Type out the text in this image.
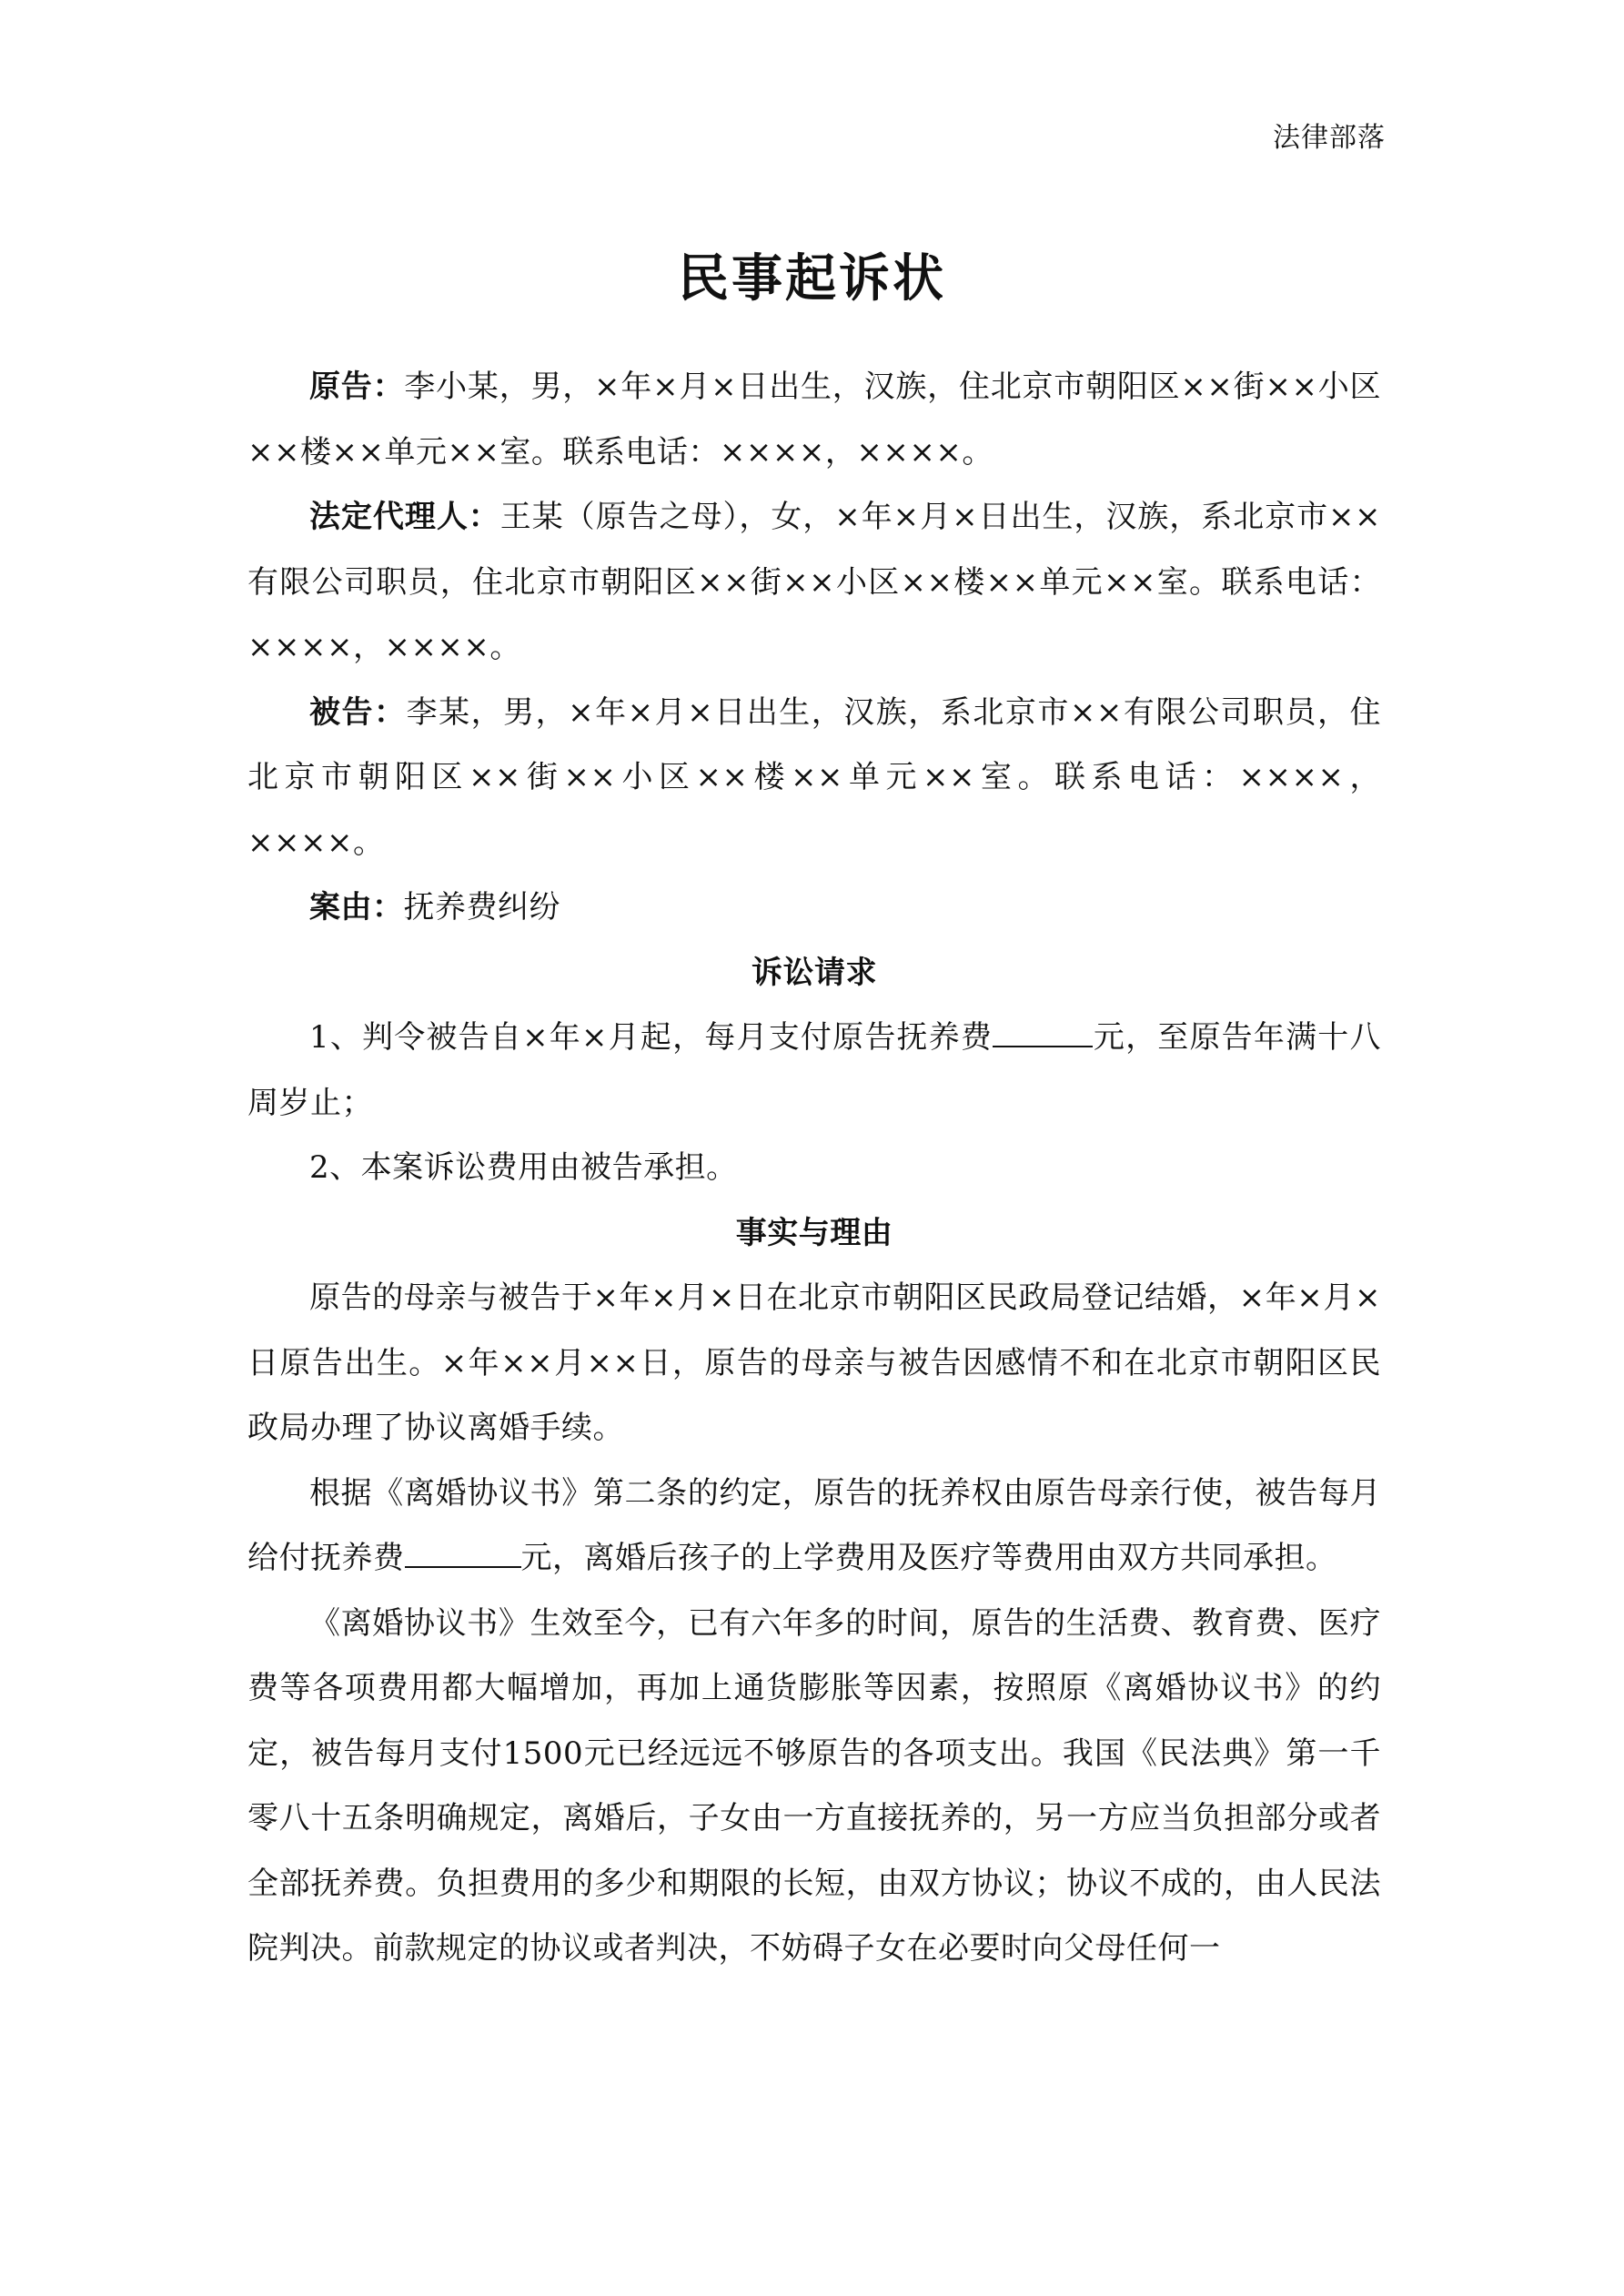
法律部落
民事起诉状

原告：李小某，男，×年×月×日出生，汉族，住北京市朝阳区××街××小区××楼××单元××室。联系电话：××××，××××。

法定代理人：王某（原告之母），女，×年×月×日出生，汉族，系北京市××有限公司职员，住北京市朝阳区××街××小区××楼××单元××室。联系电话：××××，××××。

被告：李某，男，×年×月×日出生，汉族，系北京市××有限公司职员，住北京市朝阳区××街××小区××楼××单元××室。联系电话：××××，××××。

案由：抚养费纠纷

诉讼请求

1、判令被告自×年×月起，每月支付原告抚养费	元，至原告年满十八周岁止；

2、本案诉讼费用由被告承担。

事实与理由

原告的母亲与被告于×年×月×日在北京市朝阳区民政局登记结婚，×年×月×日原告出生。×年××月××日，原告的母亲与被告因感情不和在北京市朝阳区民政局办理了协议离婚手续。

根据《离婚协议书》第二条的约定，原告的抚养权由原告母亲行使，被告每月给付抚养费	元，离婚后孩子的上学费用及医疗等费用由双方共同承担。

《离婚协议书》生效至今，已有六年多的时间，原告的生活费、教育费、医疗费等各项费用都大幅增加，再加上通货膨胀等因素，按照原《离婚协议书》的约定，被告每月支付1500元已经远远不够原告的各项支出。我国《民法典》第一千零八十五条明确规定，离婚后，子女由一方直接抚养的，另一方应当负担部分或者全部抚养费。负担费用的多少和期限的长短，由双方协议；协议不成的，由人民法院判决。前款规定的协议或者判决，不妨碍子女在必要时向父母任何一
